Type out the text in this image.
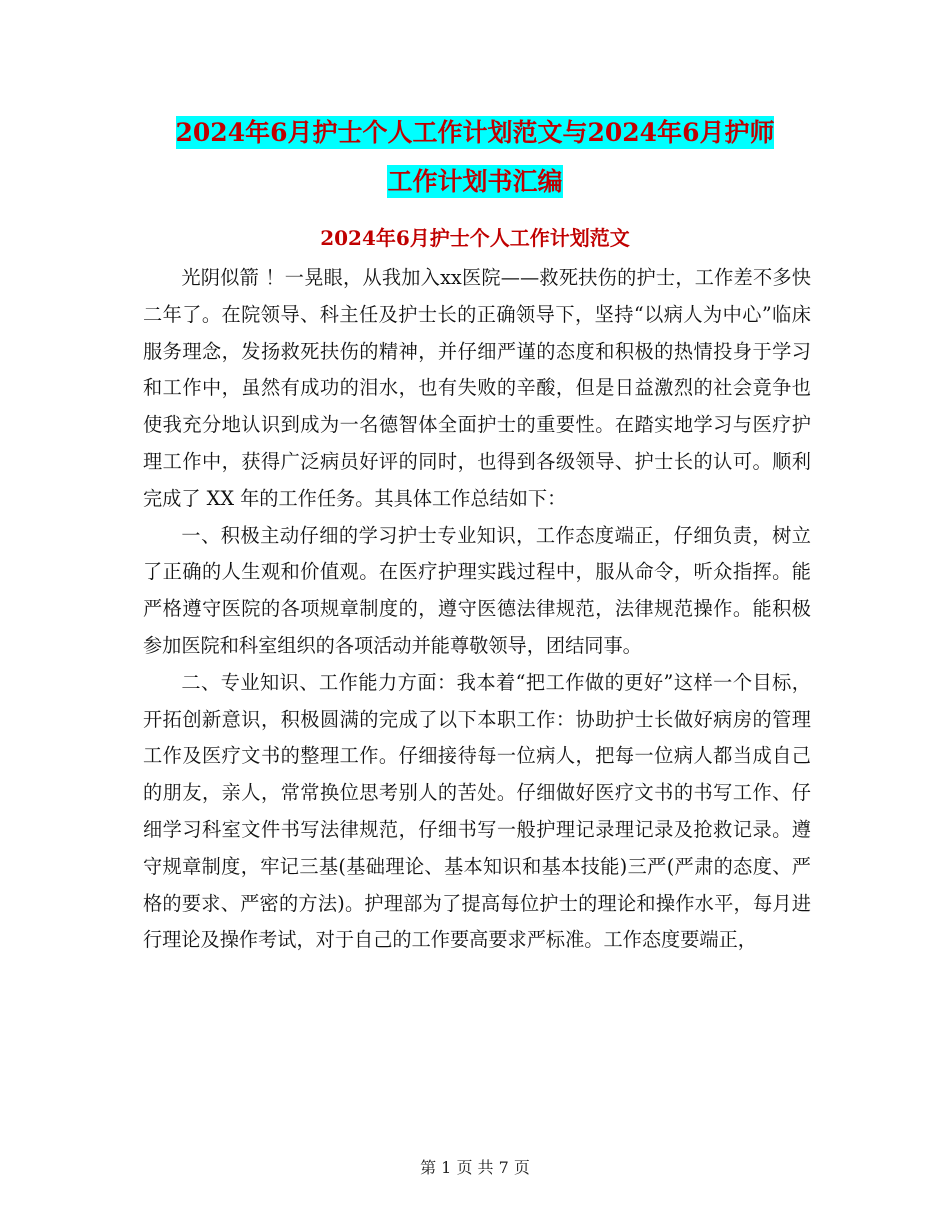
2024年6月护士个人工作计划范文与2024年6月护师
工作计划书汇编
2024年6月护士个人工作计划范文

光阴似箭 ！一晃眼，从我加入xx医院——救死扶伤的护士，工作差不多快二年了。在院领导、科主任及护士长的正确领导下，坚持“以病人为中心”临床服务理念，发扬救死扶伤的精神，并仔细严谨的态度和积极的热情投身于学习和工作中，虽然有成功的泪水，也有失败的辛酸，但是日益激烈的社会竟争也使我充分地认识到成为一名德智体全面护士的重要性。在踏实地学习与医疗护理工作中，获得广泛病员好评的同时，也得到各级领导、护士长的认可。顺利完成了 XX 年的工作任务。其具体工作总结如下：

一、积极主动仔细的学习护士专业知识，工作态度端正，仔细负责，树立了正确的人生观和价值观。在医疗护理实践过程中，服从命令，听众指挥。能严格遵守医院的各项规章制度的，遵守医德法律规范，法律规范操作。能积极参加医院和科室组织的各项活动并能尊敬领导，团结同事。

二、专业知识、工作能力方面：我本着“把工作做的更好”这样一个目标，开拓创新意识，积极圆满的完成了以下本职工作：协助护士长做好病房的管理工作及医疗文书的整理工作。仔细接待每一位病人，把每一位病人都当成自己的朋友，亲人，常常换位思考别人的苦处。仔细做好医疗文书的书写工作、仔细学习科室文件书写法律规范，仔细书写一般护理记录理记录及抢救记录。遵守规章制度，牢记三基(基础理论、基本知识和基本技能)三严(严肃的态度、严格的要求、严密的方法)。护理部为了提高每位护士的理论和操作水平，每月进行理论及操作考试，对于自己的工作要高要求严标准。工作态度要端正，

第 1 页 共 7 页
